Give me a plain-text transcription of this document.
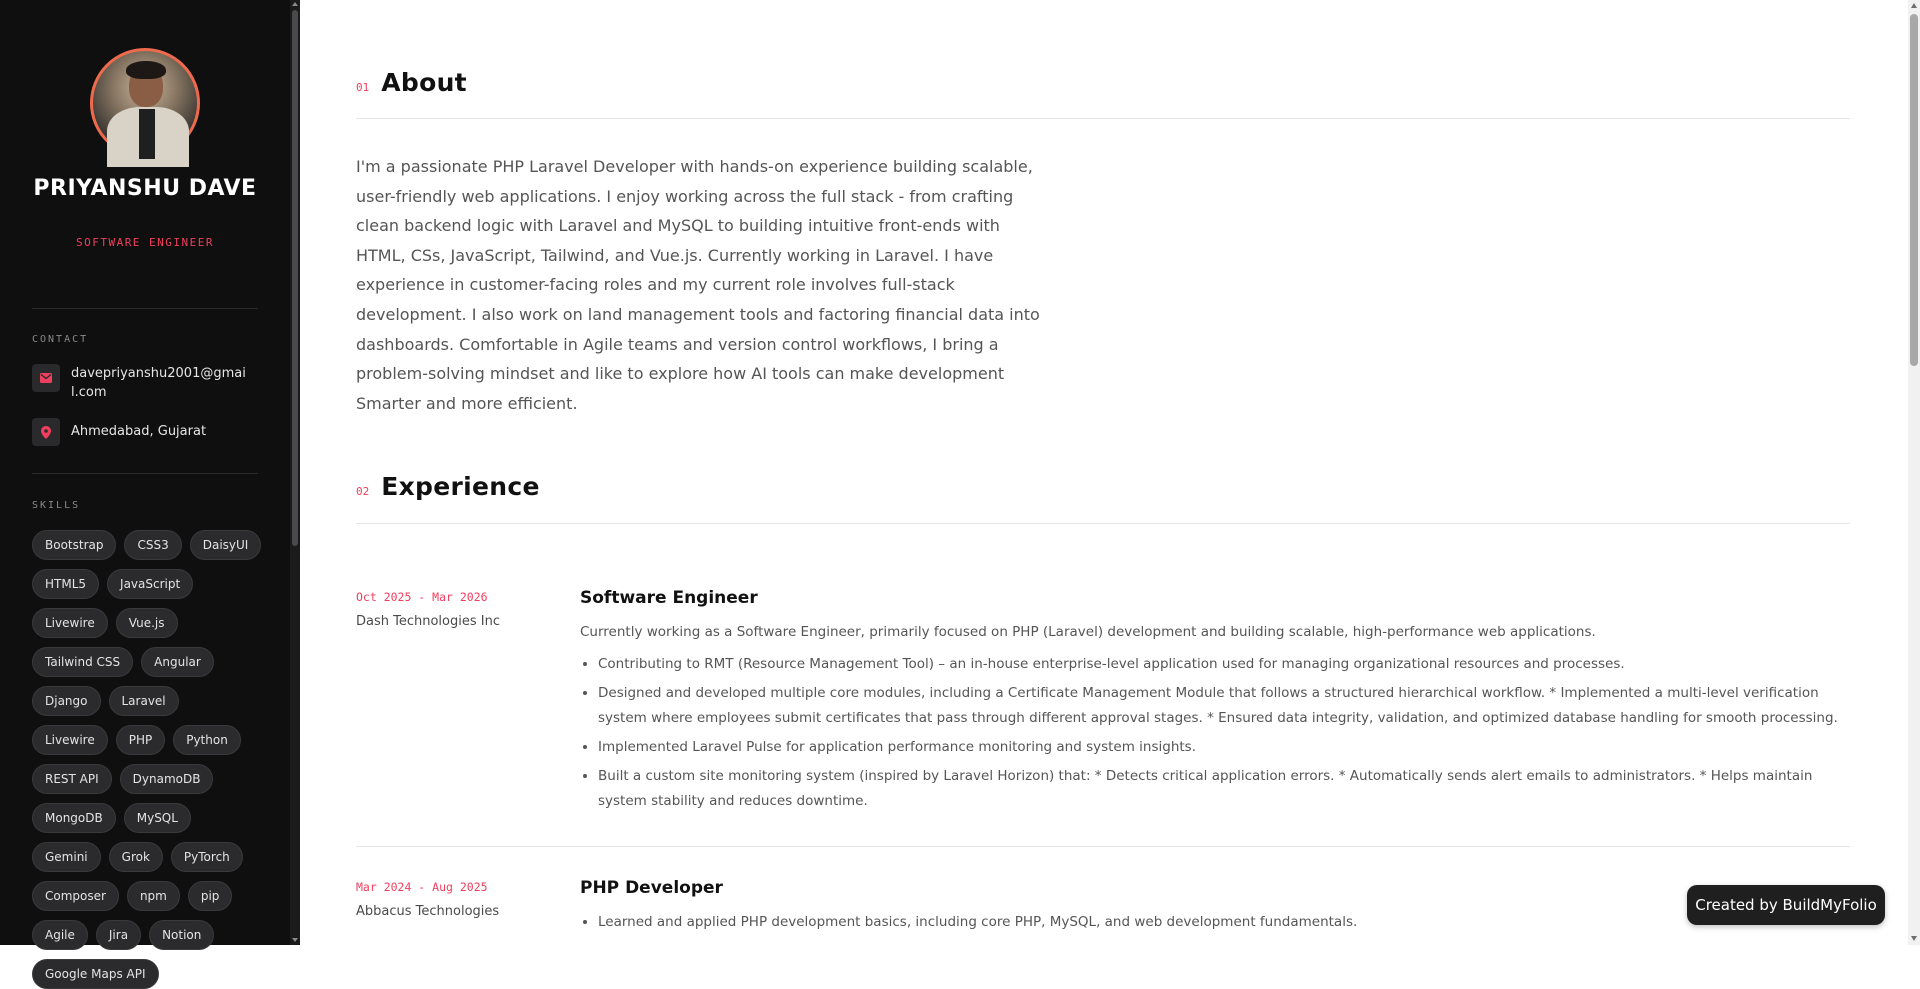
PRIYANSHU DAVE
SOFTWARE ENGINEER
CONTACT
davepriyanshu2001@gmail.com
Ahmedabad, Gujarat
SKILLS
Bootstrap	CSS3	DaisyUI
HTML5	JavaScript
Livewire	Vue.js
Tailwind CSS	Angular
Django	Laravel
Livewire	PHP	Python
REST API	DynamoDB
MongoDB	MySQL
Gemini	Grok	PyTorch
Composer	npm	pip
Agile	Jira	Notion
Google Maps API
01 About

I'm a passionate PHP Laravel Developer with hands-on experience building scalable, user-friendly web applications. I enjoy working across the full stack - from crafting clean backend logic with Laravel and MySQL to building intuitive front-ends with HTML, CSs, JavaScript, Tailwind, and Vue.js. Currently working in Laravel. I have experience in customer-facing roles and my current role involves full-stack development. I also work on land management tools and factoring financial data into dashboards. Comfortable in Agile teams and version control workflows, I bring a problem-solving mindset and like to explore how AI tools can make development Smarter and more efficient.

02 Experience
Oct 2025 - Mar 2026
Dash Technologies Inc
Software Engineer
Currently working as a Software Engineer, primarily focused on PHP (Laravel) development and building scalable, high-performance web applications.
• Contributing to RMT (Resource Management Tool) – an in-house enterprise-level application used for managing organizational resources and processes.
• Designed and developed multiple core modules, including a Certificate Management Module that follows a structured hierarchical workflow. * Implemented a multi-level verification system where employees submit certificates that pass through different approval stages. * Ensured data integrity, validation, and optimized database handling for smooth processing.
• Implemented Laravel Pulse for application performance monitoring and system insights.
• Built a custom site monitoring system (inspired by Laravel Horizon) that: * Detects critical application errors. * Automatically sends alert emails to administrators. * Helps maintain system stability and reduces downtime.
Mar 2024 - Aug 2025
Abbacus Technologies
PHP Developer
• Learned and applied PHP development basics, including core PHP, MySQL, and web development fundamentals.
Created by BuildMyFolio
